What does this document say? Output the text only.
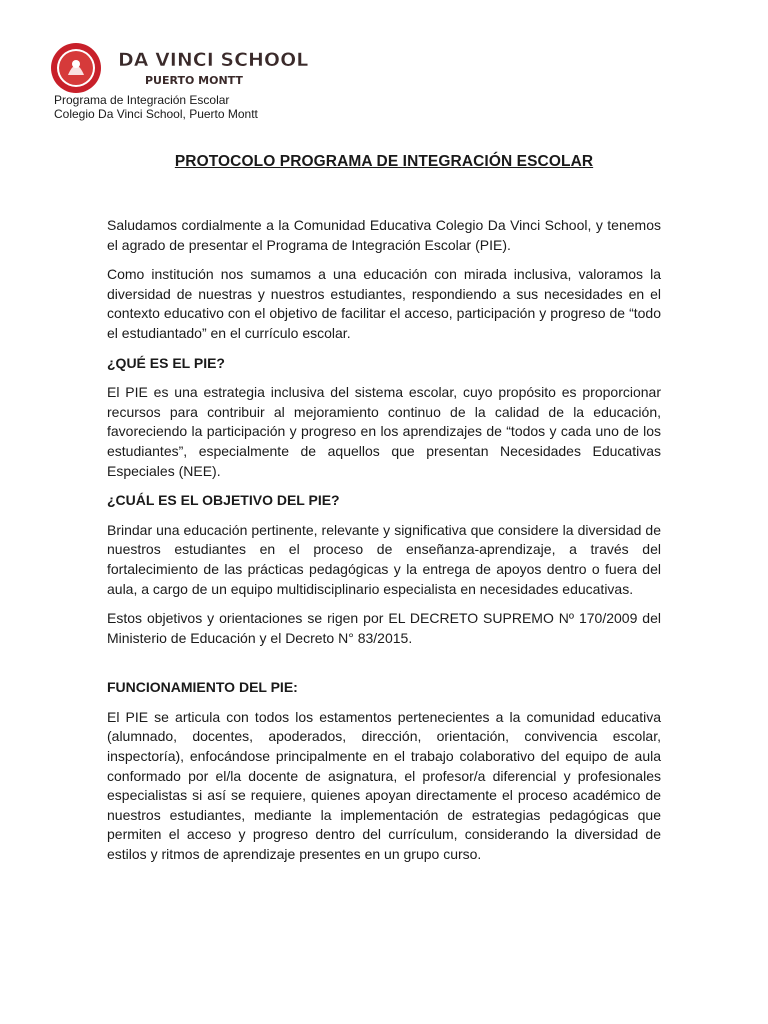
DA VINCI SCHOOL
PUERTO MONTT
Programa de Integración Escolar
Colegio Da Vinci School, Puerto Montt
PROTOCOLO PROGRAMA DE INTEGRACIÓN ESCOLAR

Saludamos cordialmente a la Comunidad Educativa Colegio Da Vinci School, y tenemos el agrado de presentar el Programa de Integración Escolar (PIE).

Como institución nos sumamos a una educación con mirada inclusiva, valoramos la diversidad de nuestras y nuestros estudiantes, respondiendo a sus necesidades en el contexto educativo con el objetivo de facilitar el acceso, participación y progreso de “todo el estudiantado” en el currículo escolar.

¿QUÉ ES EL PIE?

El PIE es una estrategia inclusiva del sistema escolar, cuyo propósito es proporcionar recursos para contribuir al mejoramiento continuo de la calidad de la educación, favoreciendo la participación y progreso en los aprendizajes de “todos y cada uno de los estudiantes”, especialmente de aquellos que presentan Necesidades Educativas Especiales (NEE).

¿CUÁL ES EL OBJETIVO DEL PIE?

Brindar una educación pertinente, relevante y significativa que considere la diversidad de nuestros estudiantes en el proceso de enseñanza-aprendizaje, a través del fortalecimiento de las prácticas pedagógicas y la entrega de apoyos dentro o fuera del aula, a cargo de un equipo multidisciplinario especialista en necesidades educativas.

Estos objetivos y orientaciones se rigen por EL DECRETO SUPREMO Nº 170/2009 del Ministerio de Educación y el Decreto N° 83/2015.

FUNCIONAMIENTO DEL PIE:

El PIE se articula con todos los estamentos pertenecientes a la comunidad educativa (alumnado, docentes, apoderados, dirección, orientación, convivencia escolar, inspectoría), enfocándose principalmente en el trabajo colaborativo del equipo de aula conformado por el/la docente de asignatura, el profesor/a diferencial y profesionales especialistas si así se requiere, quienes apoyan directamente el proceso académico de nuestros estudiantes, mediante la implementación de estrategias pedagógicas que permiten el acceso y progreso dentro del currículum, considerando la diversidad de estilos y ritmos de aprendizaje presentes en un grupo curso.
